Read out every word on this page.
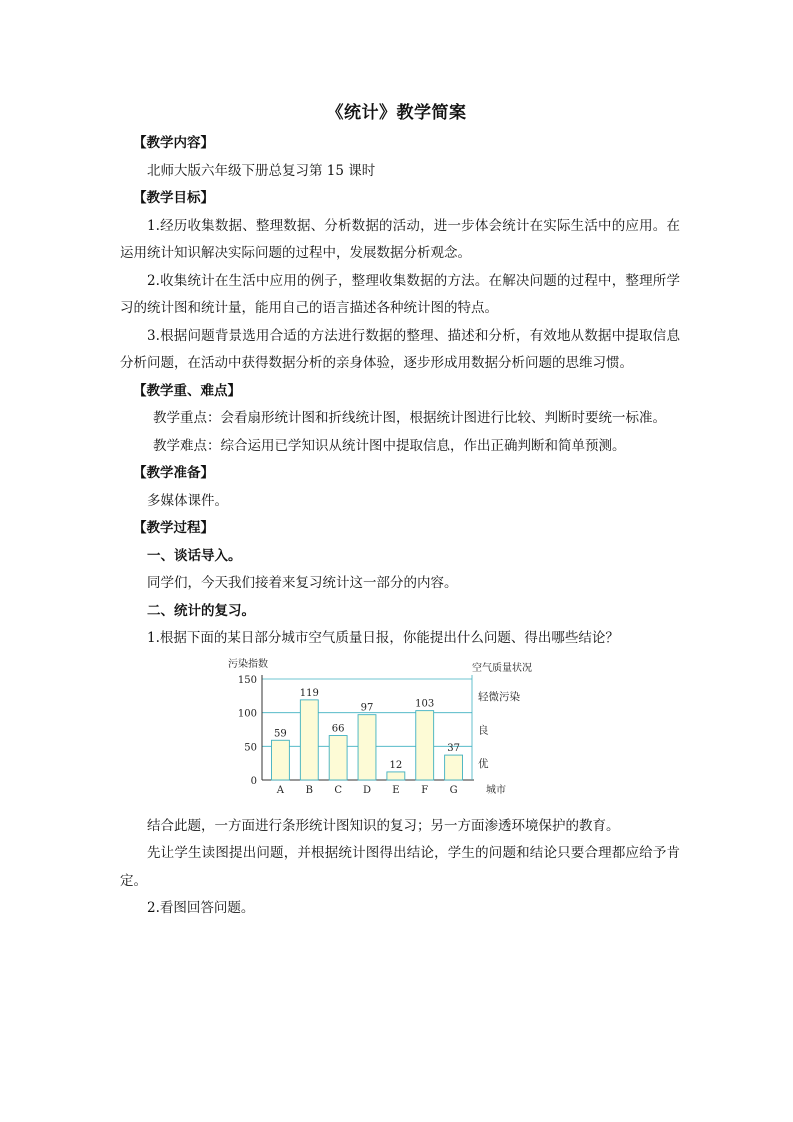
《统计》教学简案

【教学内容】

北师大版六年级下册总复习第 15 课时

【教学目标】

1.经历收集数据、整理数据、分析数据的活动，进一步体会统计在实际生活中的应用。在运用统计知识解决实际问题的过程中，发展数据分析观念。

2.收集统计在生活中应用的例子，整理收集数据的方法。在解决问题的过程中，整理所学习的统计图和统计量，能用自己的语言描述各种统计图的特点。

3.根据问题背景选用合适的方法进行数据的整理、描述和分析，有效地从数据中提取信息分析问题，在活动中获得数据分析的亲身体验，逐步形成用数据分析问题的思维习惯。

【教学重、难点】

教学重点：会看扇形统计图和折线统计图，根据统计图进行比较、判断时要统一标准。

教学难点：综合运用已学知识从统计图中提取信息，作出正确判断和简单预测。

【教学准备】

多媒体课件。

【教学过程】

一、谈话导入。

同学们，今天我们接着来复习统计这一部分的内容。

二、统计的复习。

1.根据下面的某日部分城市空气质量日报，你能提出什么问题、得出哪些结论？

0
50
100
150
污染指数	空气质量状况
59
A
119
B
66
C
97
D
12
E
103
F
37
G	城市
轻微污染
良
优

结合此题，一方面进行条形统计图知识的复习；另一方面渗透环境保护的教育。

先让学生读图提出问题，并根据统计图得出结论，学生的问题和结论只要合理都应给予肯定。

2.看图回答问题。
